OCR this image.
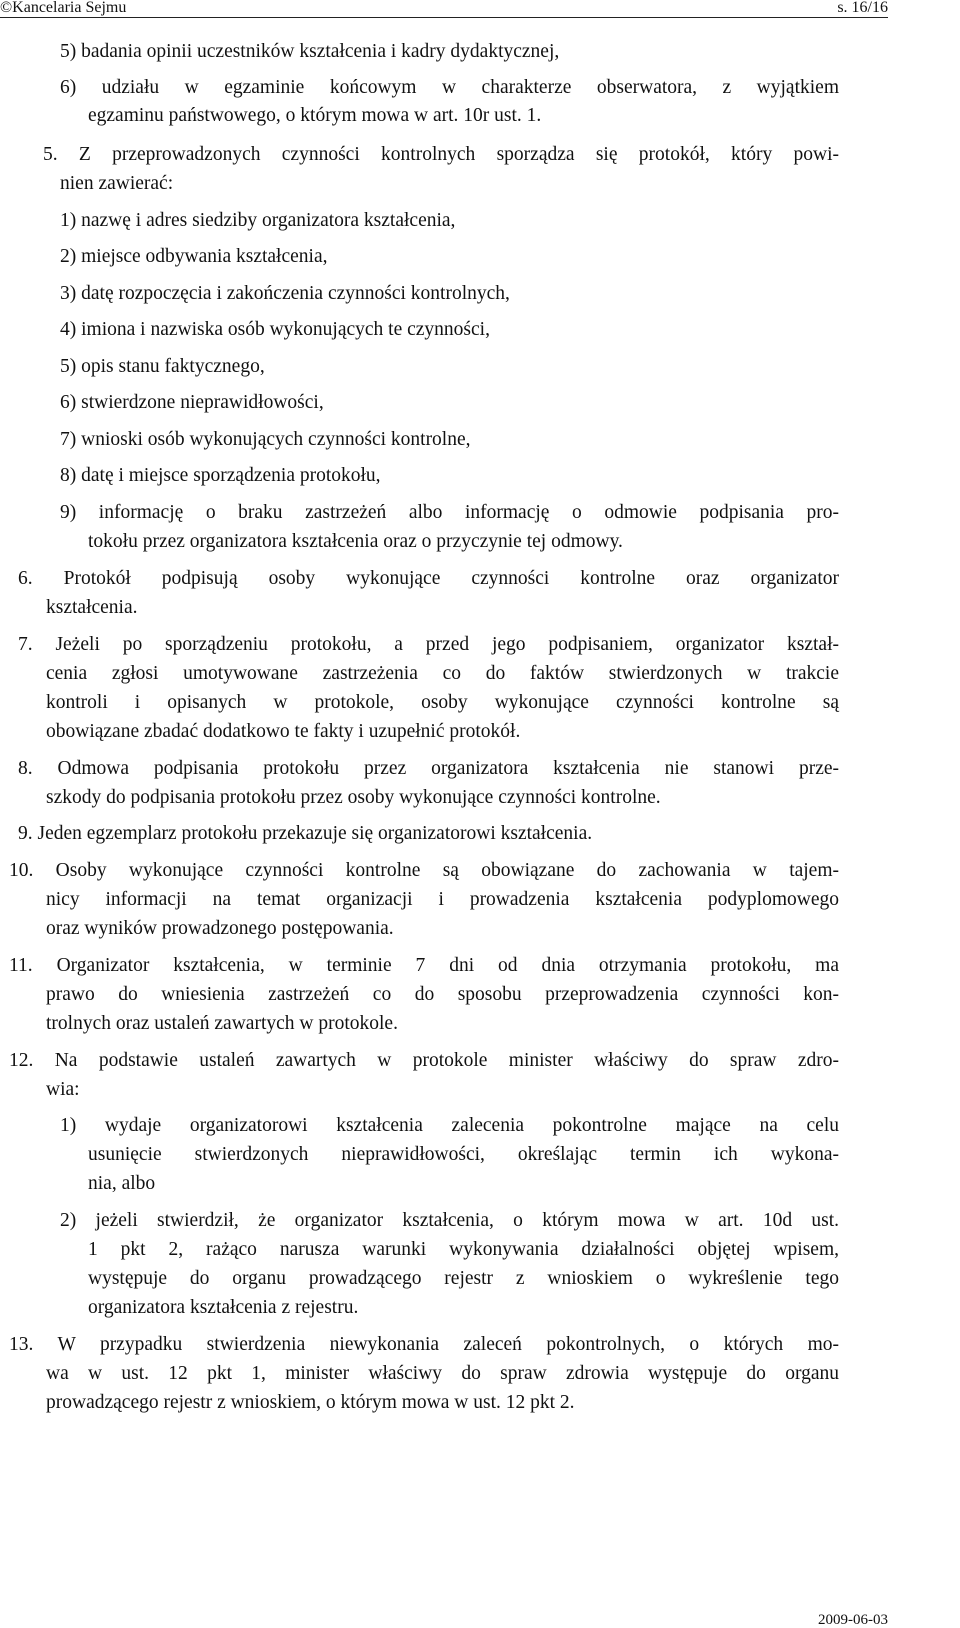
©Kancelaria Sejmu	s. 16/16
5) badania opinii uczestników kształcenia i kadry dydaktycznej,
6) udziału w egzaminie końcowym w charakterze obserwatora, z wyjątkiem
egzaminu państwowego, o którym mowa w art. 10r ust. 1.
5. Z przeprowadzonych czynności kontrolnych sporządza się protokół, który powi-
nien zawierać:
1) nazwę i adres siedziby organizatora kształcenia,
2) miejsce odbywania kształcenia,
3) datę rozpoczęcia i zakończenia czynności kontrolnych,
4) imiona i nazwiska osób wykonujących te czynności,
5) opis stanu faktycznego,
6) stwierdzone nieprawidłowości,
7) wnioski osób wykonujących czynności kontrolne,
8) datę i miejsce sporządzenia protokołu,
9) informację o braku zastrzeżeń albo informację o odmowie podpisania pro-
tokołu przez organizatora kształcenia oraz o przyczynie tej odmowy.
6. Protokół podpisują osoby wykonujące czynności kontrolne oraz organizator
kształcenia.
7. Jeżeli po sporządzeniu protokołu, a przed jego podpisaniem, organizator kształ-
cenia zgłosi umotywowane zastrzeżenia co do faktów stwierdzonych w trakcie
kontroli i opisanych w protokole, osoby wykonujące czynności kontrolne są
obowiązane zbadać dodatkowo te fakty i uzupełnić protokół.
8. Odmowa podpisania protokołu przez organizatora kształcenia nie stanowi prze-
szkody do podpisania protokołu przez osoby wykonujące czynności kontrolne.
9. Jeden egzemplarz protokołu przekazuje się organizatorowi kształcenia.
10. Osoby wykonujące czynności kontrolne są obowiązane do zachowania w tajem-
nicy informacji na temat organizacji i prowadzenia kształcenia podyplomowego
oraz wyników prowadzonego postępowania.
11. Organizator kształcenia, w terminie 7 dni od dnia otrzymania protokołu, ma
prawo do wniesienia zastrzeżeń co do sposobu przeprowadzenia czynności kon-
trolnych oraz ustaleń zawartych w protokole.
12. Na podstawie ustaleń zawartych w protokole minister właściwy do spraw zdro-
wia:
1) wydaje organizatorowi kształcenia zalecenia pokontrolne mające na celu
usunięcie stwierdzonych nieprawidłowości, określając termin ich wykona-
nia, albo
2) jeżeli stwierdził, że organizator kształcenia, o którym mowa w art. 10d ust.
1 pkt 2, rażąco narusza warunki wykonywania działalności objętej wpisem,
występuje do organu prowadzącego rejestr z wnioskiem o wykreślenie tego
organizatora kształcenia z rejestru.
13. W przypadku stwierdzenia niewykonania zaleceń pokontrolnych, o których mo-
wa w ust. 12 pkt 1, minister właściwy do spraw zdrowia występuje do organu
prowadzącego rejestr z wnioskiem, o którym mowa w ust. 12 pkt 2.
2009-06-03
